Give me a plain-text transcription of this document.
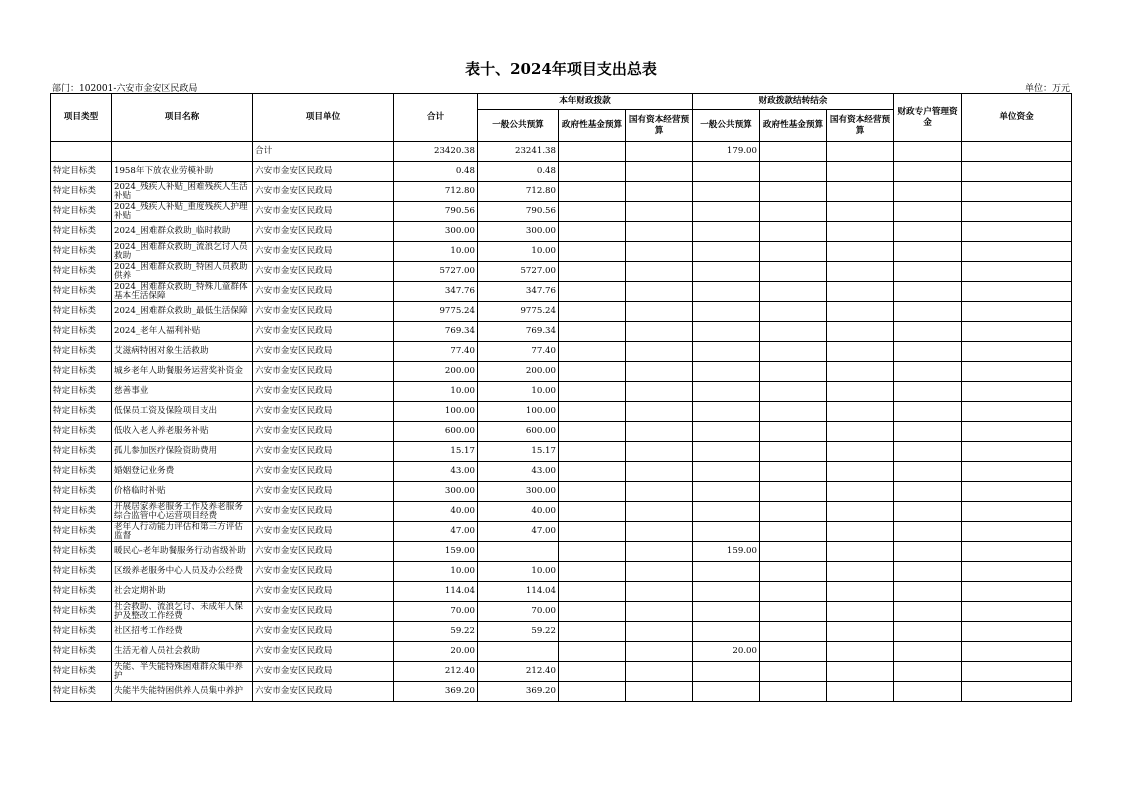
表十、2024年项目支出总表
部门：102001-六安市金安区民政局	单位：万元
项目类型	项目名称	项目单位	合计	本年财政拨款			财政拨款结转结余			财政专户管理资金	单位资金
				一般公共预算	政府性基金预算	国有资本经营预算	一般公共预算	政府性基金预算	国有资本经营预算		
		合计	23420.38	23241.38			179.00				
特定目标类	1958年下放农业劳模补助	六安市金安区民政局	0.48	0.48							
特定目标类	2024_残疾人补贴_困难残疾人生活补贴	六安市金安区民政局	712.80	712.80							
特定目标类	2024_残疾人补贴_重度残疾人护理补贴	六安市金安区民政局	790.56	790.56							
特定目标类	2024_困难群众救助_临时救助	六安市金安区民政局	300.00	300.00							
特定目标类	2024_困难群众救助_流浪乞讨人员救助	六安市金安区民政局	10.00	10.00							
特定目标类	2024_困难群众救助_特困人员救助供养	六安市金安区民政局	5727.00	5727.00							
特定目标类	2024_困难群众救助_特殊儿童群体基本生活保障	六安市金安区民政局	347.76	347.76							
特定目标类	2024_困难群众救助_最低生活保障	六安市金安区民政局	9775.24	9775.24							
特定目标类	2024_老年人福利补贴	六安市金安区民政局	769.34	769.34							
特定目标类	艾滋病特困对象生活救助	六安市金安区民政局	77.40	77.40							
特定目标类	城乡老年人助餐服务运营奖补资金	六安市金安区民政局	200.00	200.00							
特定目标类	慈善事业	六安市金安区民政局	10.00	10.00							
特定目标类	低保员工资及保险项目支出	六安市金安区民政局	100.00	100.00							
特定目标类	低收入老人养老服务补贴	六安市金安区民政局	600.00	600.00							
特定目标类	孤儿参加医疗保险资助费用	六安市金安区民政局	15.17	15.17							
特定目标类	婚姻登记业务费	六安市金安区民政局	43.00	43.00							
特定目标类	价格临时补贴	六安市金安区民政局	300.00	300.00							
特定目标类	开展居家养老服务工作及养老服务综合监管中心运营项目经费	六安市金安区民政局	40.00	40.00							
特定目标类	老年人行动能力评估和第三方评估监督	六安市金安区民政局	47.00	47.00							
特定目标类	暖民心-老年助餐服务行动省级补助	六安市金安区民政局	159.00				159.00				
特定目标类	区级养老服务中心人员及办公经费	六安市金安区民政局	10.00	10.00							
特定目标类	社会定期补助	六安市金安区民政局	114.04	114.04							
特定目标类	社会救助、流浪乞讨、未成年人保护及整改工作经费	六安市金安区民政局	70.00	70.00							
特定目标类	社区招考工作经费	六安市金安区民政局	59.22	59.22							
特定目标类	生活无着人员社会救助	六安市金安区民政局	20.00				20.00				
特定目标类	失能、半失能特殊困难群众集中养护	六安市金安区民政局	212.40	212.40							
特定目标类	失能半失能特困供养人员集中养护	六安市金安区民政局	369.20	369.20							
